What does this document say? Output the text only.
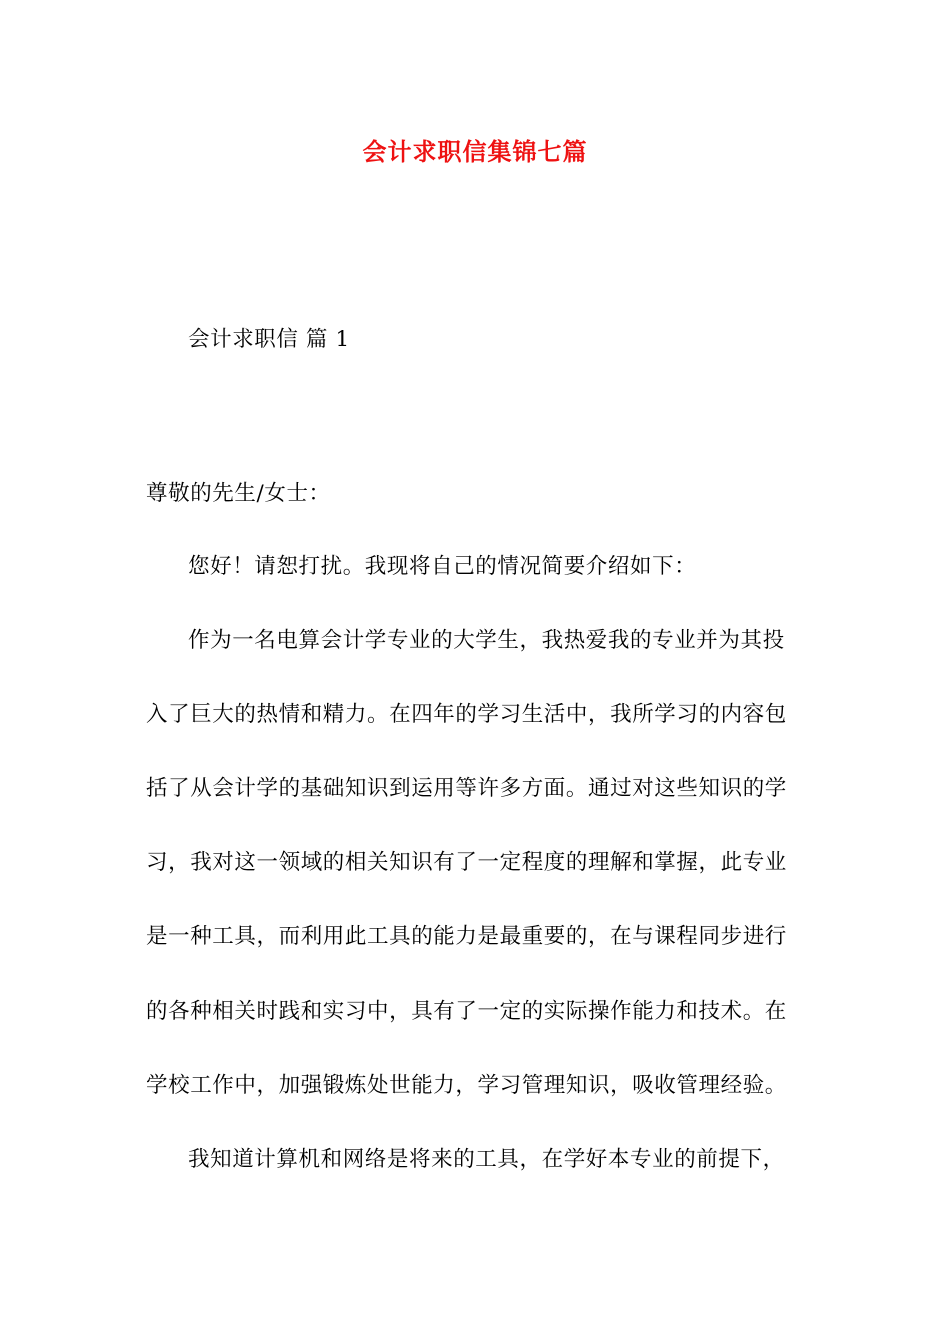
会计求职信集锦七篇
会计求职信 篇 1
尊敬的先生/女士：
您好！请恕打扰。我现将自己的情况简要介绍如下：
作为一名电算会计学专业的大学生，我热爱我的专业并为其投
入了巨大的热情和精力。在四年的学习生活中，我所学习的内容包
括了从会计学的基础知识到运用等许多方面。通过对这些知识的学
习，我对这一领域的相关知识有了一定程度的理解和掌握，此专业
是一种工具，而利用此工具的能力是最重要的，在与课程同步进行
的各种相关时践和实习中，具有了一定的实际操作能力和技术。在
学校工作中，加强锻炼处世能力，学习管理知识，吸收管理经验。
我知道计算机和网络是将来的工具，在学好本专业的前提下，
